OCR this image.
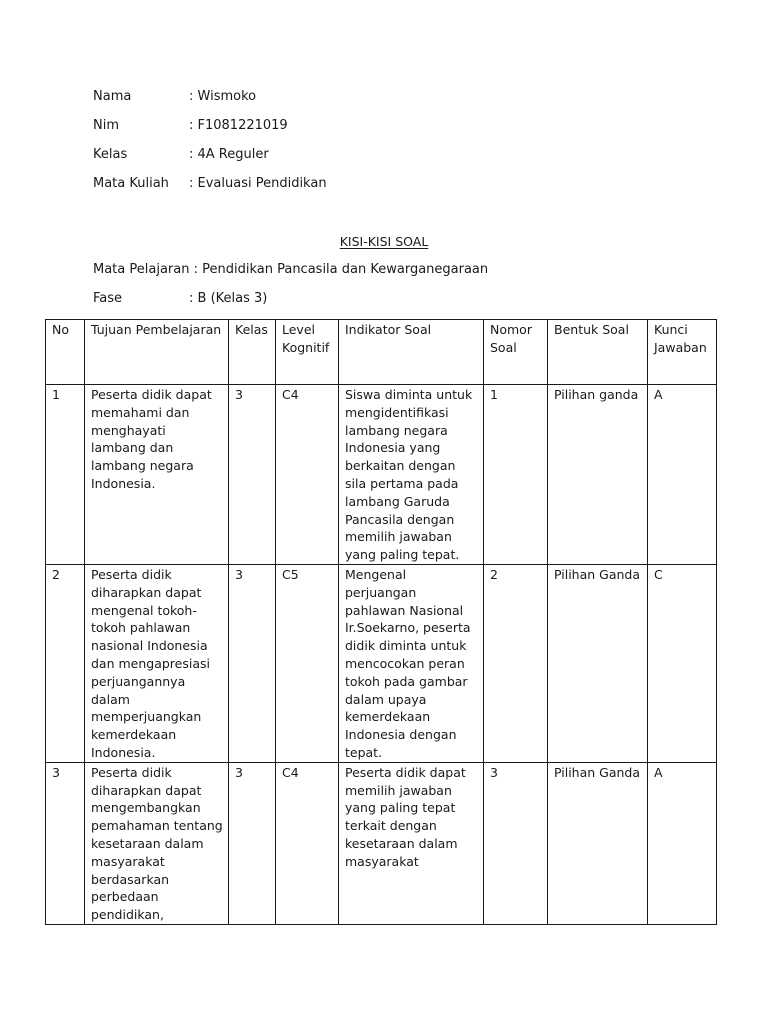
Nama	: Wismoko
Nim	: F1081221019
Kelas	: 4A Reguler
Mata Kuliah : Evaluasi Pendidikan
KISI-KISI SOAL
Mata Pelajaran : Pendidikan Pancasila dan Kewarganegaraan
Fase	: B (Kelas 3)
No	Tujuan Pembelajaran	Kelas	Level Kognitif	Indikator Soal	Nomor Soal	Bentuk Soal	Kunci Jawaban
1	Peserta didik dapat memahami dan menghayati lambang dan lambang negara Indonesia.	3	C4	Siswa diminta untuk mengidentifikasi lambang negara Indonesia yang berkaitan dengan sila pertama pada lambang Garuda Pancasila dengan memilih jawaban yang paling tepat.	1	Pilihan ganda	A
2	Peserta didik diharapkan dapat mengenal tokoh-tokoh pahlawan nasional Indonesia dan mengapresiasi perjuangannya dalam memperjuangkan kemerdekaan Indonesia.	3	C5	Mengenal perjuangan pahlawan Nasional Ir.Soekarno, peserta didik diminta untuk mencocokan peran tokoh pada gambar dalam upaya kemerdekaan Indonesia dengan tepat.	2	Pilihan Ganda	C
3	Peserta didik diharapkan dapat mengembangkan pemahaman tentang kesetaraan dalam masyarakat berdasarkan perbedaan pendidikan,	3	C4	Peserta didik dapat memilih jawaban yang paling tepat terkait dengan kesetaraan dalam masyarakat	3	Pilihan Ganda	A
